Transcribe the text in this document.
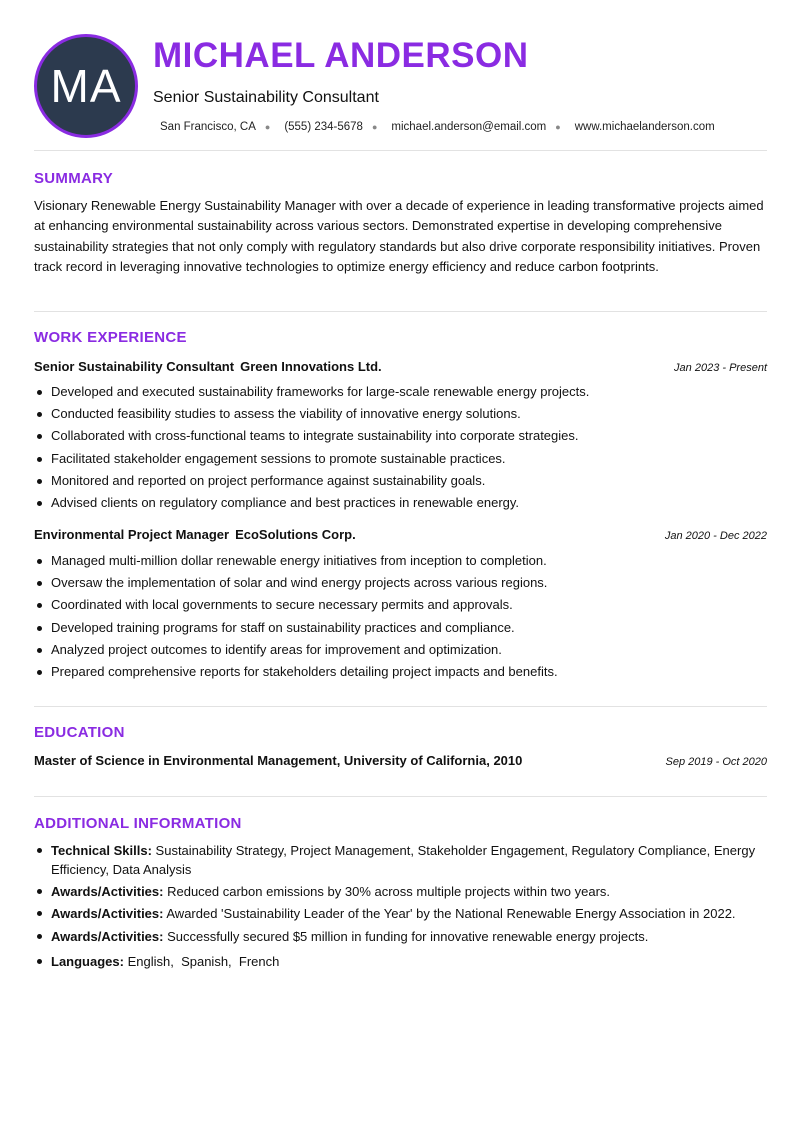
MA
MICHAEL ANDERSON
Senior Sustainability Consultant
San Francisco, CA ● (555) 234-5678 ● michael.anderson@email.com ● www.michaelanderson.com
SUMMARY

Visionary Renewable Energy Sustainability Manager with over a decade of experience in leading transformative projects aimed at enhancing environmental sustainability across various sectors. Demonstrated expertise in developing comprehensive sustainability strategies that not only comply with regulatory standards but also drive corporate responsibility initiatives. Proven track record in leveraging innovative technologies to optimize energy efficiency and reduce carbon footprints.

WORK EXPERIENCE
Senior Sustainability Consultant Green Innovations Ltd.	Jan 2023 - Present
Developed and executed sustainability frameworks for large-scale renewable energy projects.
Conducted feasibility studies to assess the viability of innovative energy solutions.
Collaborated with cross-functional teams to integrate sustainability into corporate strategies.
Facilitated stakeholder engagement sessions to promote sustainable practices.
Monitored and reported on project performance against sustainability goals.
Advised clients on regulatory compliance and best practices in renewable energy.
Environmental Project Manager EcoSolutions Corp.	Jan 2020 - Dec 2022
Managed multi-million dollar renewable energy initiatives from inception to completion.
Oversaw the implementation of solar and wind energy projects across various regions.
Coordinated with local governments to secure necessary permits and approvals.
Developed training programs for staff on sustainability practices and compliance.
Analyzed project outcomes to identify areas for improvement and optimization.
Prepared comprehensive reports for stakeholders detailing project impacts and benefits.
EDUCATION
Master of Science in Environmental Management, University of California, 2010	Sep 2019 - Oct 2020
ADDITIONAL INFORMATION
Technical Skills: Sustainability Strategy, Project Management, Stakeholder Engagement, Regulatory Compliance, Energy Efficiency, Data Analysis
Awards/Activities: Reduced carbon emissions by 30% across multiple projects within two years.
Awards/Activities: Awarded 'Sustainability Leader of the Year' by the National Renewable Energy Association in 2022.
Awards/Activities: Successfully secured $5 million in funding for innovative renewable energy projects.
Languages: English,  Spanish,  French
